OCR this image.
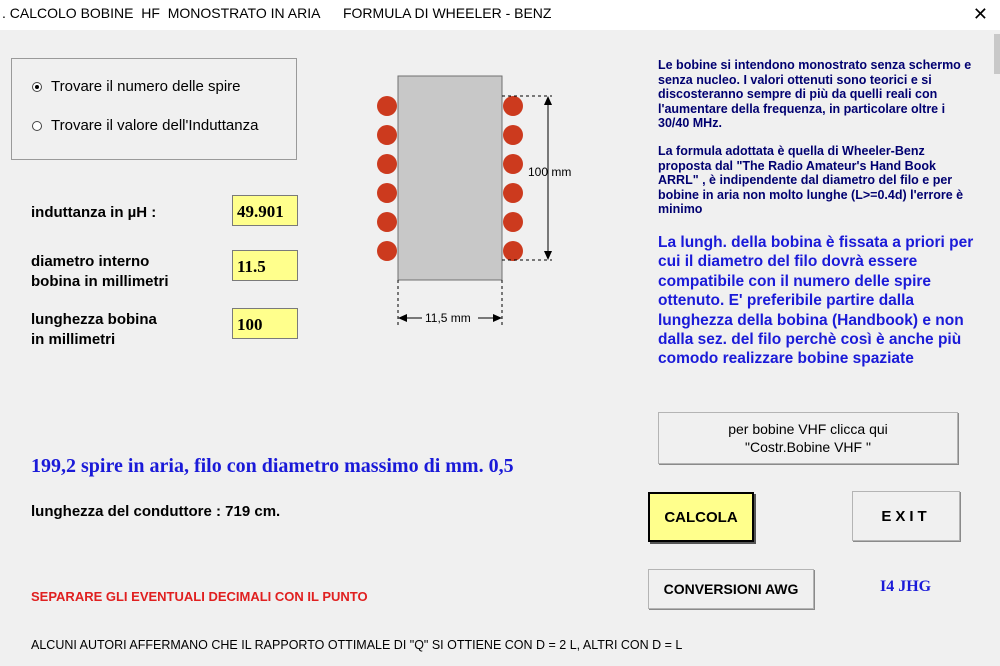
. CALCOLO BOBINE  HF  MONOSTRATO IN ARIA      FORMULA DI WHEELER - BENZ	✕
Trovare il numero delle spire
Trovare il valore dell'Induttanza
induttanza in µH :
49.901
diametro interno
bobina in millimetri
11.5
lunghezza bobina
in millimetri
100
100 mm
11,5 mm
Le bobine si intendono monostrato senza schermo e senza nucleo. I valori ottenuti sono teorici e si discosteranno sempre di più da quelli reali con l'aumentare della frequenza, in particolare oltre i 30/40 MHz.
La formula adottata è quella di Wheeler-Benz proposta dal "The Radio Amateur's Hand Book ARRL" , è indipendente dal diametro del filo e per bobine in aria non molto lunghe (L>=0.4d) l'errore è minimo
La lungh. della bobina è fissata a priori per cui il diametro del filo dovrà essere compatibile con il numero delle spire ottenuto. E' preferibile partire dalla lunghezza della bobina (Handbook) e non dalla sez. del filo perchè così è anche più comodo realizzare bobine spaziate
per bobine VHF clicca qui
"Costr.Bobine VHF "
CALCOLA	EXIT
CONVERSIONI AWG
199,2 spire in aria, filo con diametro massimo di mm. 0,5
lunghezza del conduttore : 719 cm.
I4 JHG
SEPARARE GLI EVENTUALI DECIMALI CON IL PUNTO
ALCUNI AUTORI AFFERMANO CHE IL RAPPORTO OTTIMALE DI "Q" SI OTTIENE CON D = 2 L, ALTRI CON D = L
